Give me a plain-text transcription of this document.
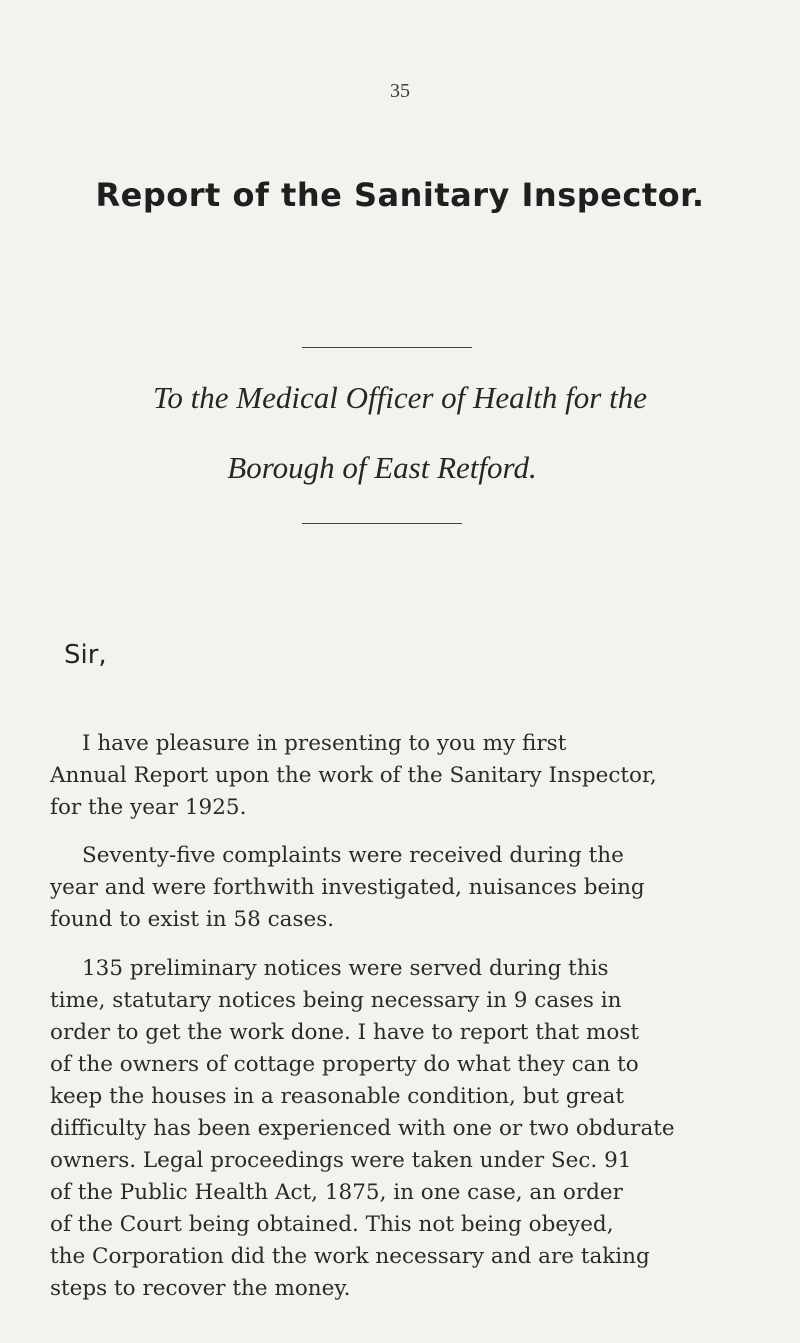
35
Report of the Sanitary Inspector.
To the Medical Officer of Health for the
Borough of East Retford.
Sir,

I have pleasure in presenting to you my first
Annual Report upon the work of the Sanitary Inspector,
for the year 1925.

Seventy-five complaints were received during the
year and were forthwith investigated, nuisances being
found to exist in 58 cases.

135 preliminary notices were served during this
time, statutary notices being necessary in 9 cases in
order to get the work done. I have to report that most
of the owners of cottage property do what they can to
keep the houses in a reasonable condition, but great
difficulty has been experienced with one or two obdurate
owners. Legal proceedings were taken under Sec. 91
of the Public Health Act, 1875, in one case, an order
of the Court being obtained. This not being obeyed,
the Corporation did the work necessary and are taking
steps to recover the money.
